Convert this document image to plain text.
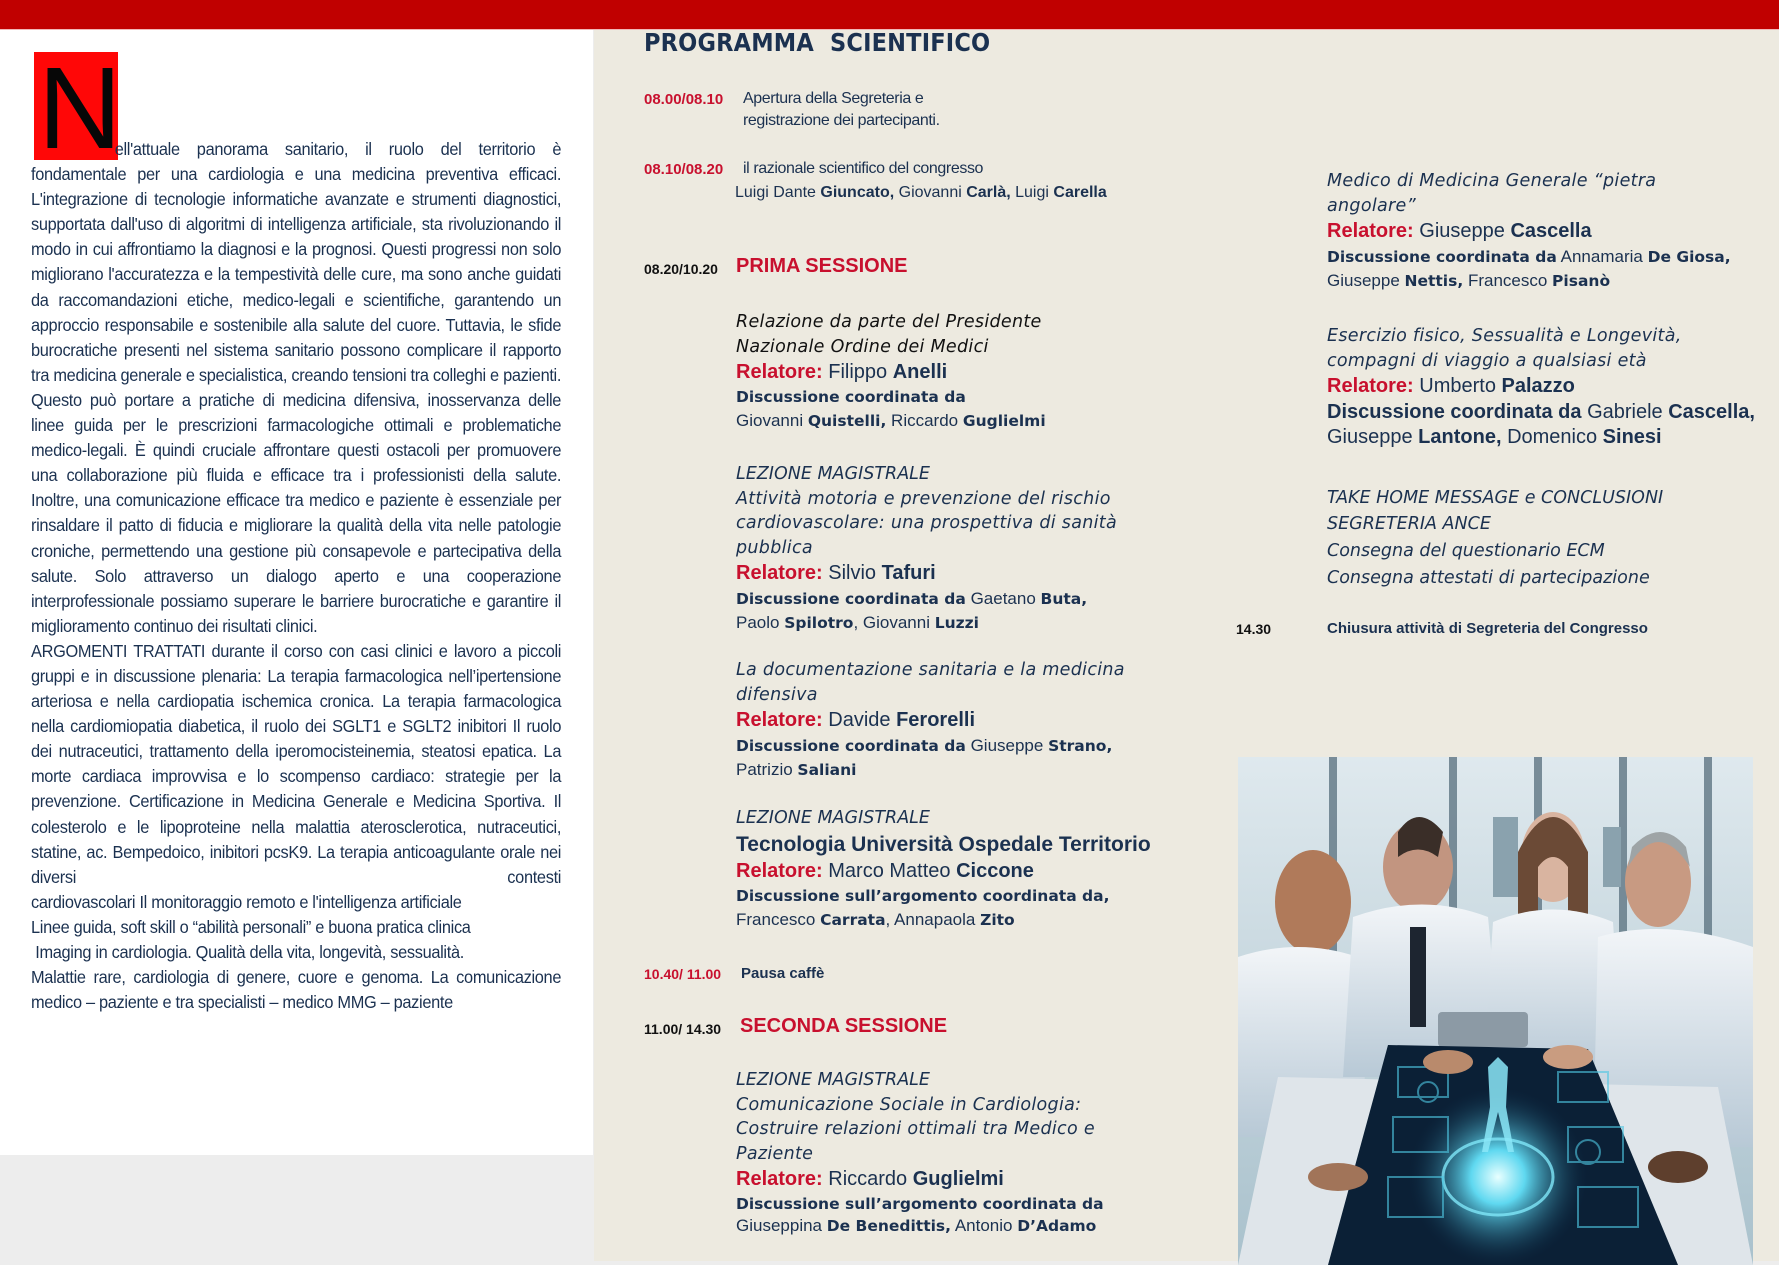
N

ell'attuale panorama sanitario, il ruolo del territorio è

fondamentale per una cardiologia e una medicina preventiva efficaci. L'integrazione di tecnologie informatiche avanzate e strumenti diagnostici, supportata dall'uso di algoritmi di intelligenza artificiale, sta rivoluzionando il modo in cui affrontiamo la diagnosi e la prognosi. Questi progressi non solo migliorano l'accuratezza e la tempestività delle cure, ma sono anche guidati da raccomandazioni etiche, medico-legali e scientifiche, garantendo un approccio responsabile e sostenibile alla salute del cuore. Tuttavia, le sfide burocratiche presenti nel sistema sanitario possono complicare il rapporto tra medicina generale e specialistica, creando tensioni tra colleghi e pazienti. Questo può portare a pratiche di medicina difensiva, inosservanza delle linee guida per le prescrizioni farmacologiche ottimali e problematiche medico-legali. È quindi cruciale affrontare questi ostacoli per promuovere una collaborazione più fluida e efficace tra i professionisti della salute. Inoltre, una comunicazione efficace tra medico e paziente è essenziale per rinsaldare il patto di fiducia e migliorare la qualità della vita nelle patologie croniche, permettendo una gestione più consapevole e partecipativa della salute. Solo attraverso un dialogo aperto e una cooperazione interprofessionale possiamo superare le barriere burocratiche e garantire il miglioramento continuo dei risultati clinici.

ARGOMENTI TRATTATI durante il corso con casi clinici e lavoro a piccoli gruppi e in discussione plenaria: La terapia farmacologica nell’ipertensione arteriosa e nella cardiopatia ischemica cronica. La terapia farmacologica nella cardiomiopatia diabetica, il ruolo dei SGLT1 e SGLT2 inibitori Il ruolo dei nutraceutici, trattamento della iperomocisteinemia, steatosi epatica. La morte cardiaca improvvisa e lo scompenso cardiaco: strategie per la prevenzione. Certificazione in Medicina Generale e Medicina Sportiva. Il colesterolo e le lipoproteine nella malattia aterosclerotica, nutraceutici, statine, ac. Bempedoico, inibitori pcsK9. La terapia anticoagulante orale nei diversi contesti

cardiovascolari Il monitoraggio remoto e l'intelligenza artificiale
Linee guida, soft skill o “abilità personali” e buona pratica clinica
Imaging in cardiologia. Qualità della vita, longevità, sessualità.

Malattie rare, cardiologia di genere, cuore e genoma. La comunicazione medico – paziente e tra specialisti – medico MMG – paziente

PROGRAMMA  SCIENTIFICO
08.00/08.10 Apertura della Segreteria e
registrazione dei partecipanti.
08.10/08.20 il razionale scientifico del congresso
Luigi Dante Giuncato, Giovanni Carlà, Luigi Carella
08.20/10.20 PRIMA SESSIONE
Relazione da parte del Presidente
Nazionale Ordine dei Medici
Relatore: Filippo Anelli
Discussione coordinata da
Giovanni Quistelli, Riccardo Guglielmi
LEZIONE MAGISTRALE
Attività motoria e prevenzione del rischio
cardiovascolare: una prospettiva di sanità
pubblica
Relatore: Silvio Tafuri
Discussione coordinata da Gaetano Buta,
Paolo Spilotro, Giovanni Luzzi
La documentazione sanitaria e la medicina
difensiva
Relatore: Davide Ferorelli
Discussione coordinata da Giuseppe Strano,
Patrizio Saliani
LEZIONE MAGISTRALE
Tecnologia Università Ospedale Territorio
Relatore: Marco Matteo Ciccone
Discussione sull’argomento coordinata da,
Francesco Carrata, Annapaola Zito
10.40/ 11.00 Pausa caffè
11.00/ 14.30 SECONDA SESSIONE
LEZIONE MAGISTRALE
Comunicazione Sociale in Cardiologia:
Costruire relazioni ottimali tra Medico e
Paziente
Relatore: Riccardo Guglielmi
Discussione sull’argomento coordinata da
Giuseppina De Benedittis, Antonio D’Adamo
Medico di Medicina Generale “pietra
angolare”
Relatore: Giuseppe Cascella
Discussione coordinata da Annamaria De Giosa,
Giuseppe Nettis, Francesco Pisanò
Esercizio fisico, Sessualità e Longevità,
compagni di viaggio a qualsiasi età
Relatore: Umberto Palazzo
Discussione coordinata da Gabriele Cascella,
Giuseppe Lantone, Domenico Sinesi
TAKE HOME MESSAGE e CONCLUSIONI
SEGRETERIA ANCE
Consegna del questionario ECM
Consegna attestati di partecipazione
14.30	Chiusura attività di Segreteria del Congresso
